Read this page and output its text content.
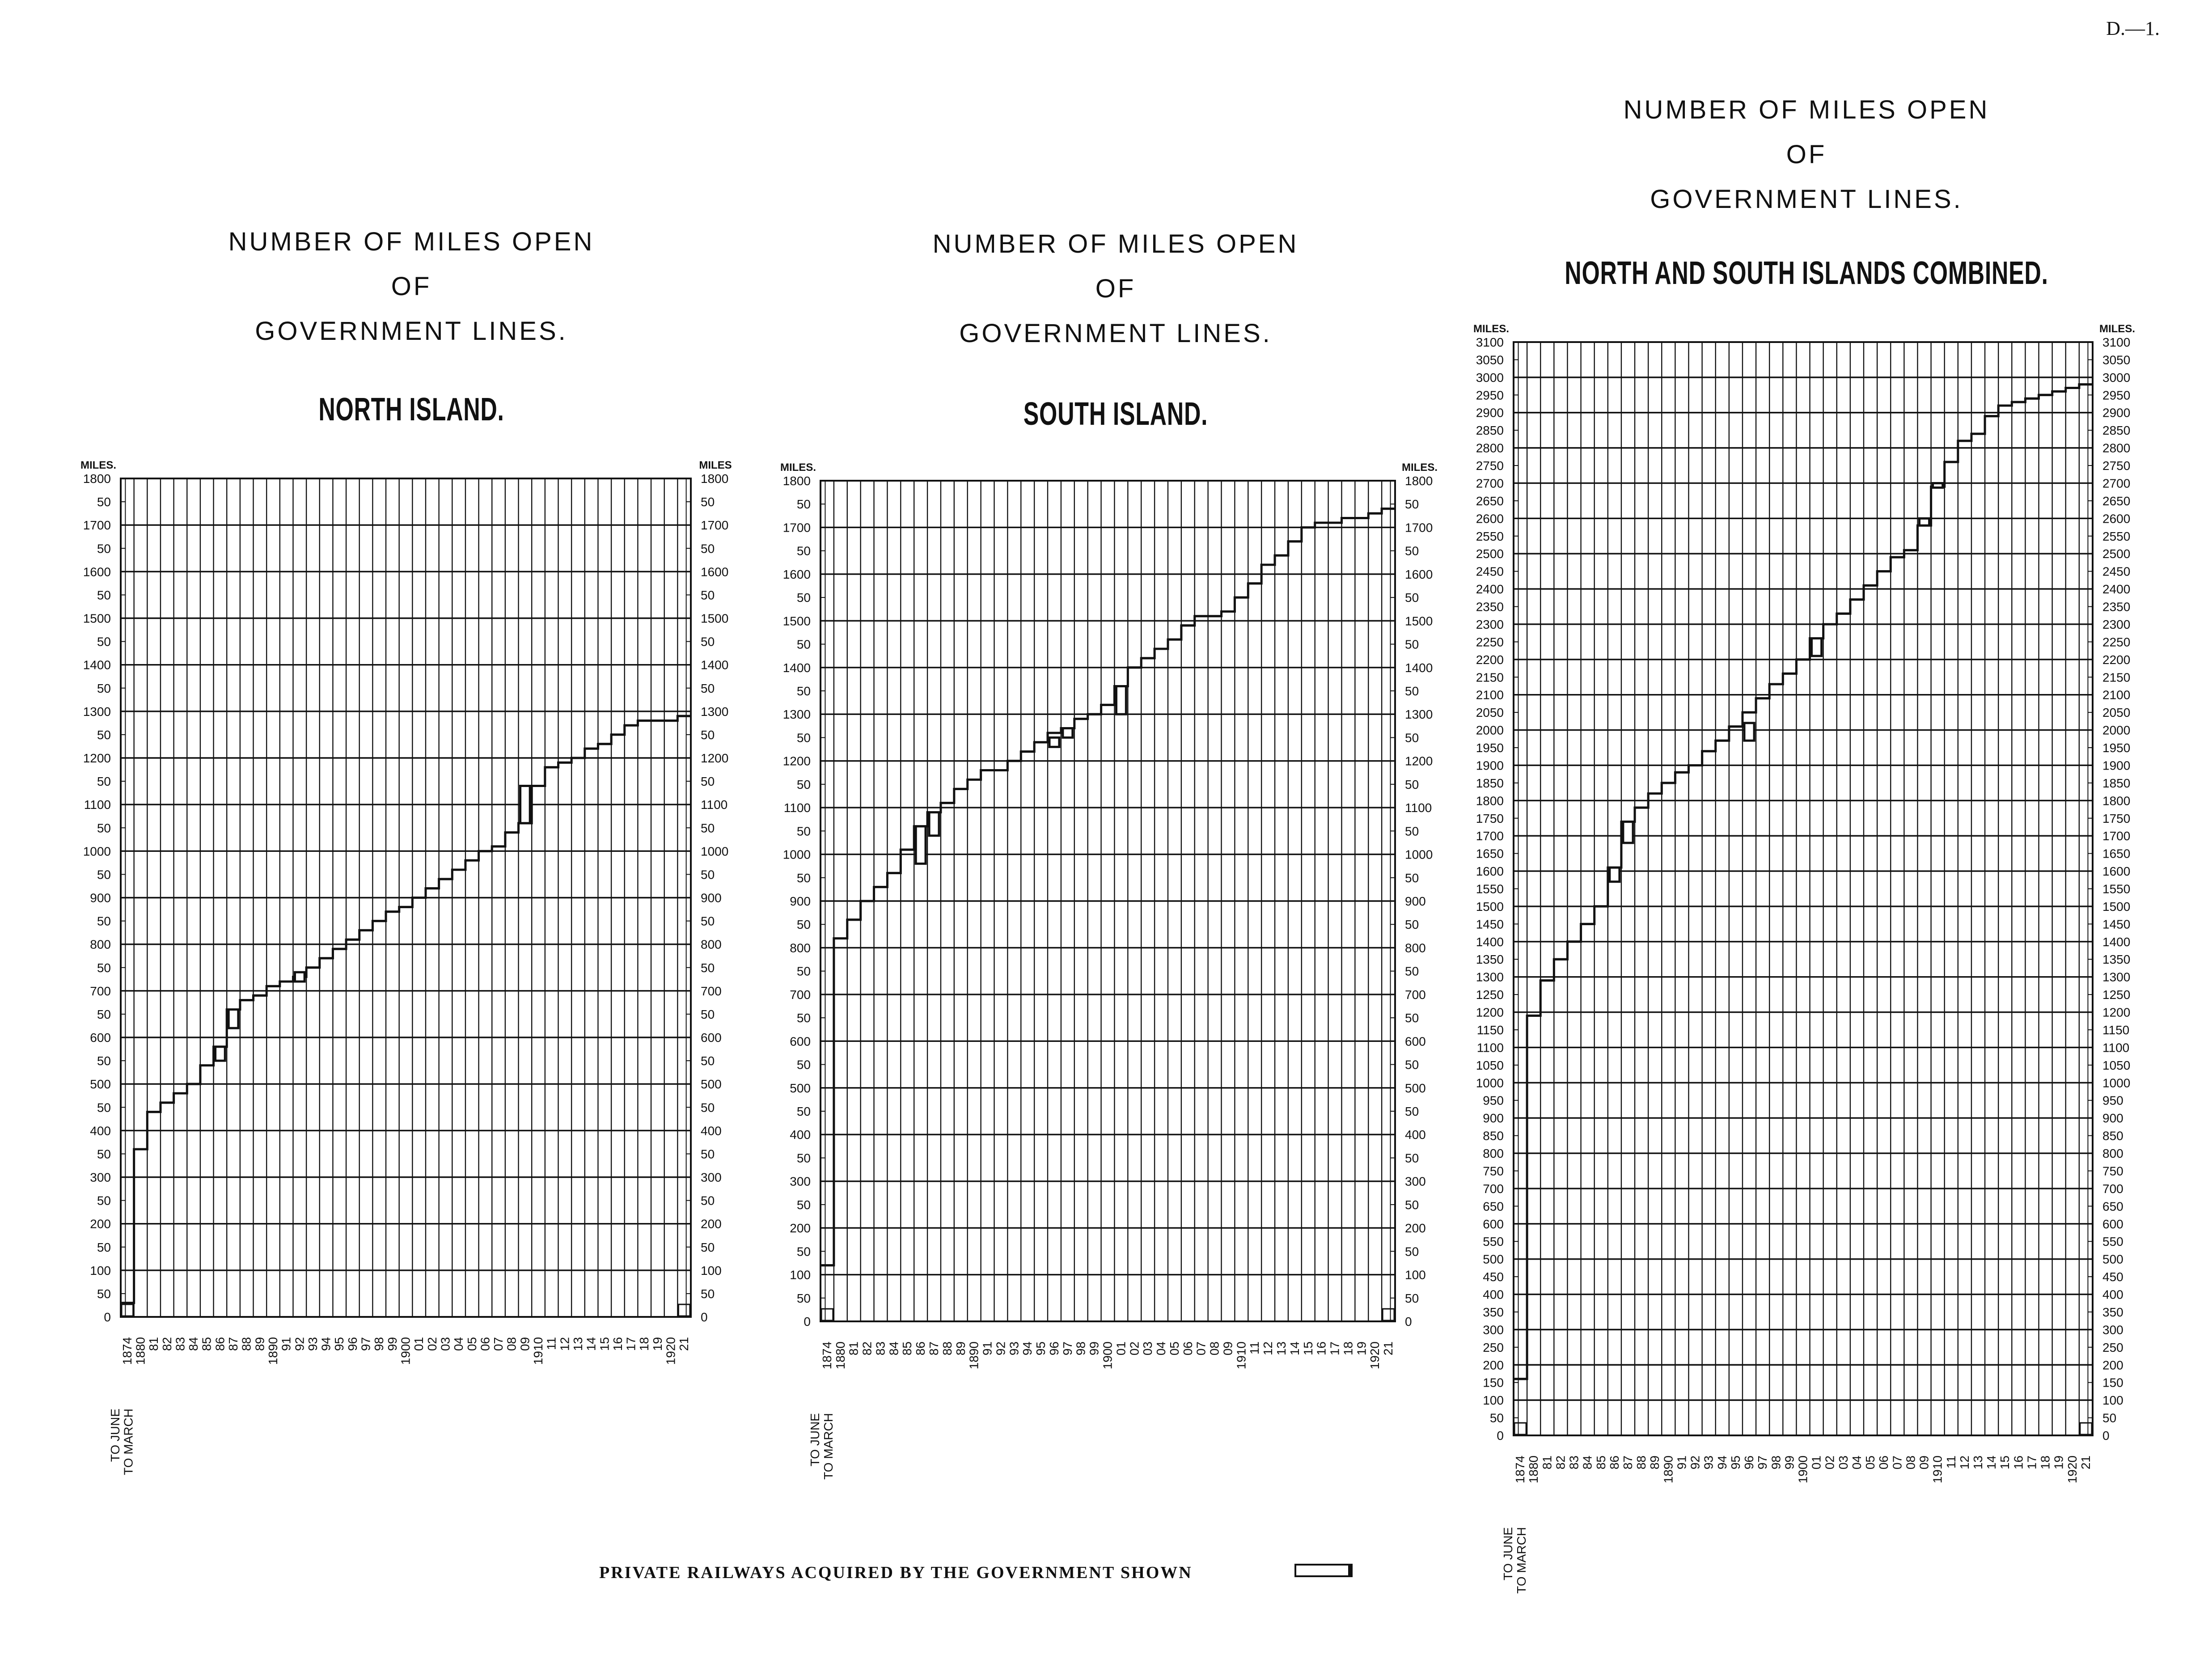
D.—1.
NUMBER OF MILES OPEN
OF
GOVERNMENT LINES.
NORTH ISLAND.
0	0
50	50
100	100
50	50
200	200
50	50
300	300
50	50
400	400
50	50
500	500
50	50
600	600
50	50
700	700
50	50
800	800
50	50
900	900
50	50
1000	1000
50	50
1100	1100
50	50
1200	1200
50	50
1300	1300
50	50
1400	1400
50	50
1500	1500
50	50
1600	1600
50	50
1700	1700
50	50
1800	1800
MILES.	MILES
1874
1880
81
82
83
84
85
86
87
88
89
1890
91
92
93
94
95
96
97
98
99
1900
01
02
03
04
05
06
07
08
09
1910
11
12
13
14
15
16
17
18
19
1920
21
TO JUNE
TO MARCH
NUMBER OF MILES OPEN
OF
GOVERNMENT LINES.
SOUTH ISLAND.
0	0
50	50
100	100
50	50
200	200
50	50
300	300
50	50
400	400
50	50
500	500
50	50
600	600
50	50
700	700
50	50
800	800
50	50
900	900
50	50
1000	1000
50	50
1100	1100
50	50
1200	1200
50	50
1300	1300
50	50
1400	1400
50	50
1500	1500
50	50
1600	1600
50	50
1700	1700
50	50
1800	1800
MILES.	MILES.
1874
1880
81
82
83
84
85
86
87
88
89
1890
91
92
93
94
95
96
97
98
99
1900
01
02
03
04
05
06
07
08
09
1910
11
12
13
14
15
16
17
18
19
1920
21
TO JUNE
TO MARCH
NUMBER OF MILES OPEN
OF
GOVERNMENT LINES.
NORTH AND SOUTH ISLANDS COMBINED.
0	0
50	50
100	100
150	150
200	200
250	250
300	300
350	350
400	400
450	450
500	500
550	550
600	600
650	650
700	700
750	750
800	800
850	850
900	900
950	950
1000	1000
1050	1050
1100	1100
1150	1150
1200	1200
1250	1250
1300	1300
1350	1350
1400	1400
1450	1450
1500	1500
1550	1550
1600	1600
1650	1650
1700	1700
1750	1750
1800	1800
1850	1850
1900	1900
1950	1950
2000	2000
2050	2050
2100	2100
2150	2150
2200	2200
2250	2250
2300	2300
2350	2350
2400	2400
2450	2450
2500	2500
2550	2550
2600	2600
2650	2650
2700	2700
2750	2750
2800	2800
2850	2850
2900	2900
2950	2950
3000	3000
3050	3050
3100	3100
MILES.	MILES.
1874 1880 81 82 83 84 85 86 87 88 89 1890 91 92 93 94 95 96 97 98 99 1900 01 02 03 04 05 06 07 08 09 1910 11 12 13 14 15 16 17 18 19 1920 21
TO JUNE TO MARCH
PRIVATE RAILWAYS ACQUIRED BY THE GOVERNMENT SHOWN
